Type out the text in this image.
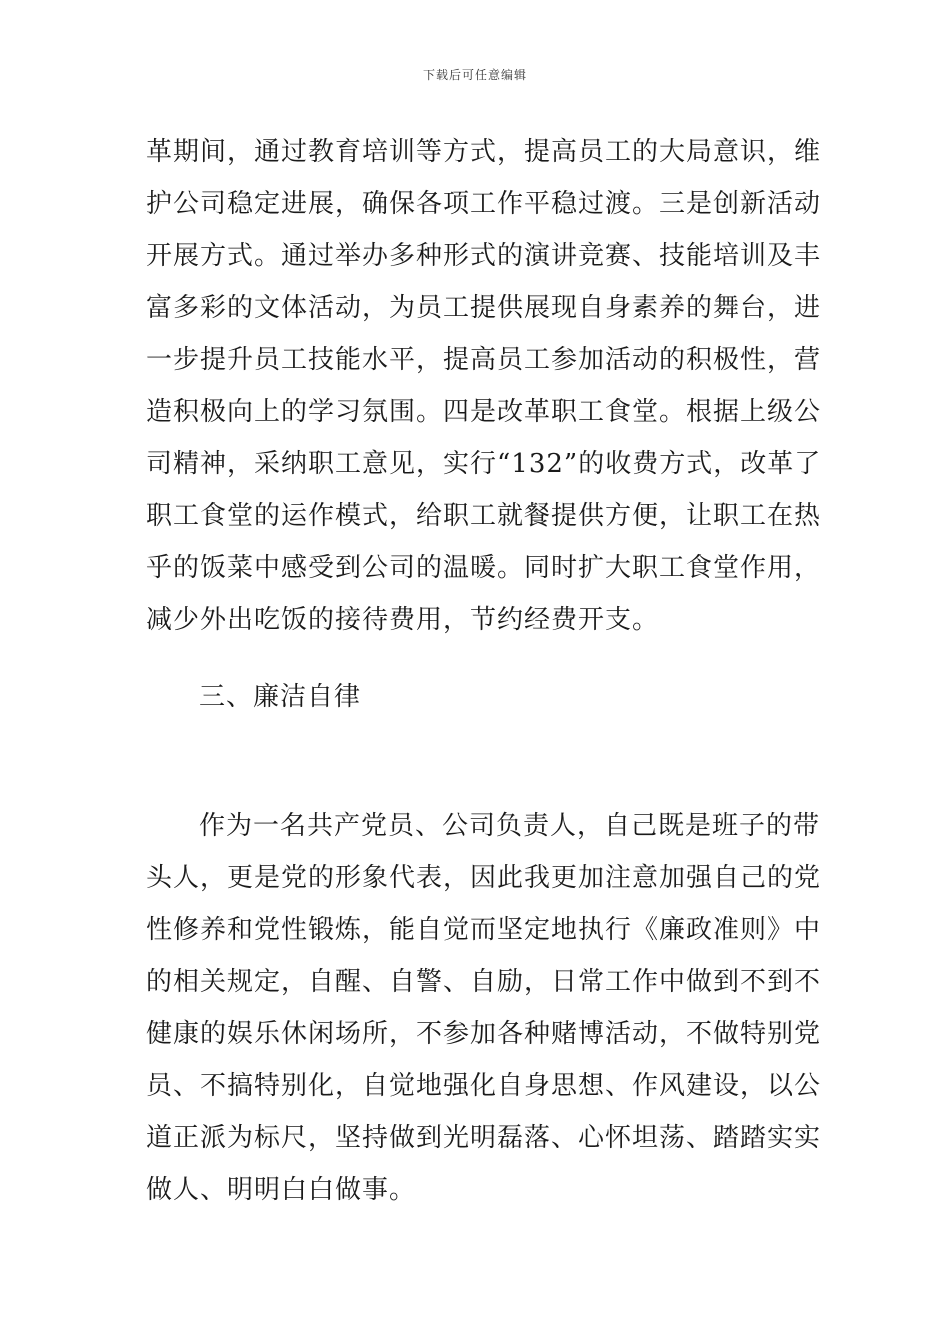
下载后可任意编辑
革期间，通过教育培训等方式，提高员工的大局意识，维
护公司稳定进展，确保各项工作平稳过渡。三是创新活动
开展方式。通过举办多种形式的演讲竞赛、技能培训及丰
富多彩的文体活动，为员工提供展现自身素养的舞台，进
一步提升员工技能水平，提高员工参加活动的积极性，营
造积极向上的学习氛围。四是改革职工食堂。根据上级公
司精神，采纳职工意见，实行“132”的收费方式，改革了
职工食堂的运作模式，给职工就餐提供方便，让职工在热
乎的饭菜中感受到公司的温暖。同时扩大职工食堂作用，
减少外出吃饭的接待费用，节约经费开支。
三、廉洁自律
作为一名共产党员、公司负责人，自己既是班子的带
头人，更是党的形象代表，因此我更加注意加强自己的党
性修养和党性锻炼，能自觉而坚定地执行《廉政准则》中
的相关规定，自醒、自警、自励，日常工作中做到不到不
健康的娱乐休闲场所，不参加各种赌博活动，不做特别党
员、不搞特别化，自觉地强化自身思想、作风建设，以公
道正派为标尺，坚持做到光明磊落、心怀坦荡、踏踏实实
做人、明明白白做事。
